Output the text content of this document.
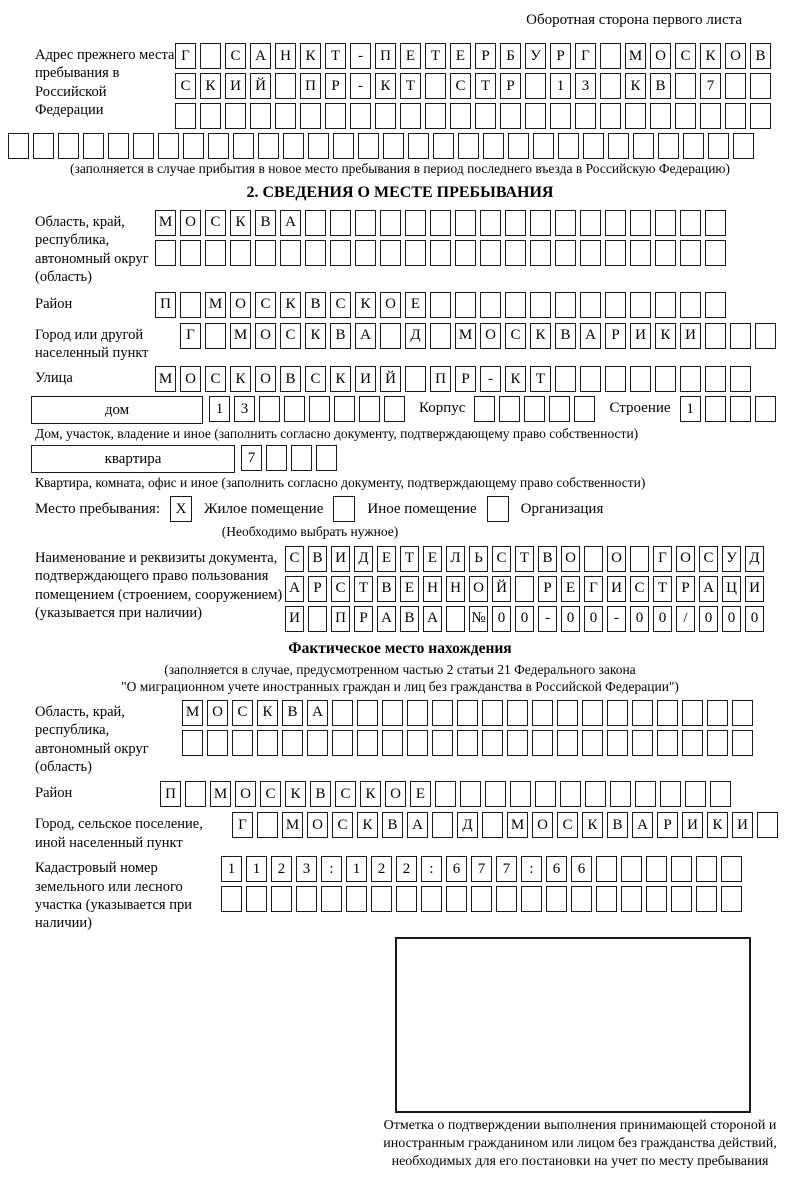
Оборотная сторона первого листа
Адрес прежнего места пребывания в Российской Федерации
Г	С А Н К	Т	-	П Е	Т	Е	Р	Б	У	Р	Г	М О С К О В
С К И Й	П	Р	-	К	Т	С	Т	Р	1	3	К В	7
(заполняется в случае прибытия в новое место пребывания в период последнего въезда в Российскую Федерацию)
2. СВЕДЕНИЯ О МЕСТЕ ПРЕБЫВАНИЯ
Область, край, республика, автономный округ (область)
М О С К В А
Район	П	М О С К В С К О Е
Город или другой населенный пункт
Г	М О С К В А	Д	М О С К В А	Р	И К И
Улица	М О С К О В С К И Й	П	Р	-	К	Т
дом	1	3	Корпус	Строение	1
Дом, участок, владение и иное (заполнить согласно документу, подтверждающему право собственности)
квартира	7
Квартира, комната, офис и иное (заполнить согласно документу, подтверждающему право собственности)
Место пребывания:	X	Жилое помещение	Иное помещение	Организация
(Необходимо выбрать нужное)
Наименование и реквизиты документа, подтверждающего право пользования помещением (строением, сооружением) (указывается при наличии)
С В И Д Е Т Е Л Ь С Т В О О	Г О С У Д
А Р С Т В Е Н Н О Й	Р Е Г И С Т Р А Ц И
И П Р А В А № 0	0	-	0	0	-	0	0	/	0	0	0
Фактическое место нахождения
(заполняется в случае, предусмотренном частью 2 статьи 21 Федерального закона
"О миграционном учете иностранных граждан и лиц без гражданства в Российской Федерации")
Область, край, республика, автономный округ (область)
М О С К В А
Район	П	М О С К В С К О Е
Город, сельское поселение, иной населенный пункт
Г	М О С К В А	Д	М О С К В А	Р	И К И
Кадастровый номер земельного или лесного участка (указывается при наличии)
1	1	2	3	:	1	2	2	:	6	7	7	:	6	6
Отметка о подтверждении выполнения принимающей стороной и иностранным гражданином или лицом без гражданства действий, необходимых для его постановки на учет по месту пребывания
